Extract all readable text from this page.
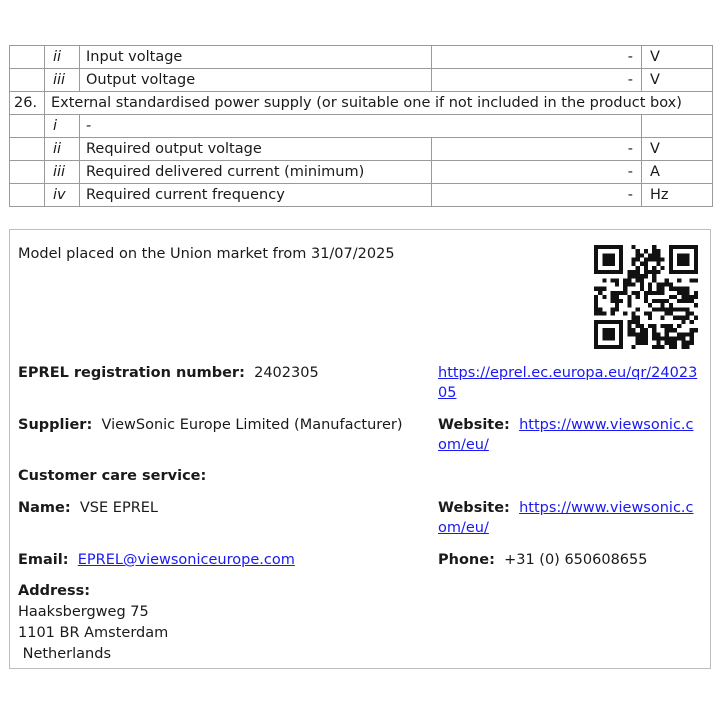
	ii	Input voltage	-	V
	iii	Output voltage	-	V
26.	External standardised power supply (or suitable one if not included in the product box)			
	i	-		
	ii	Required output voltage	-	V
	iii	Required delivered current (minimum)	-	A
	iv	Required current frequency	-	Hz
Model placed on the Union market from 31/07/2025
EPREL registration number: 2402305	https://eprel.ec.europa.eu/qr/2402305
Supplier: ViewSonic Europe Limited (Manufacturer) Website: https://www.viewsonic.com/eu/
Customer care service:
Name: VSE EPREL	Website: https://www.viewsonic.com/eu/
Email: EPREL@viewsoniceurope.com	Phone: +31 (0) 650608655
Address:
Haaksbergweg 75
1101 BR Amsterdam
Netherlands
